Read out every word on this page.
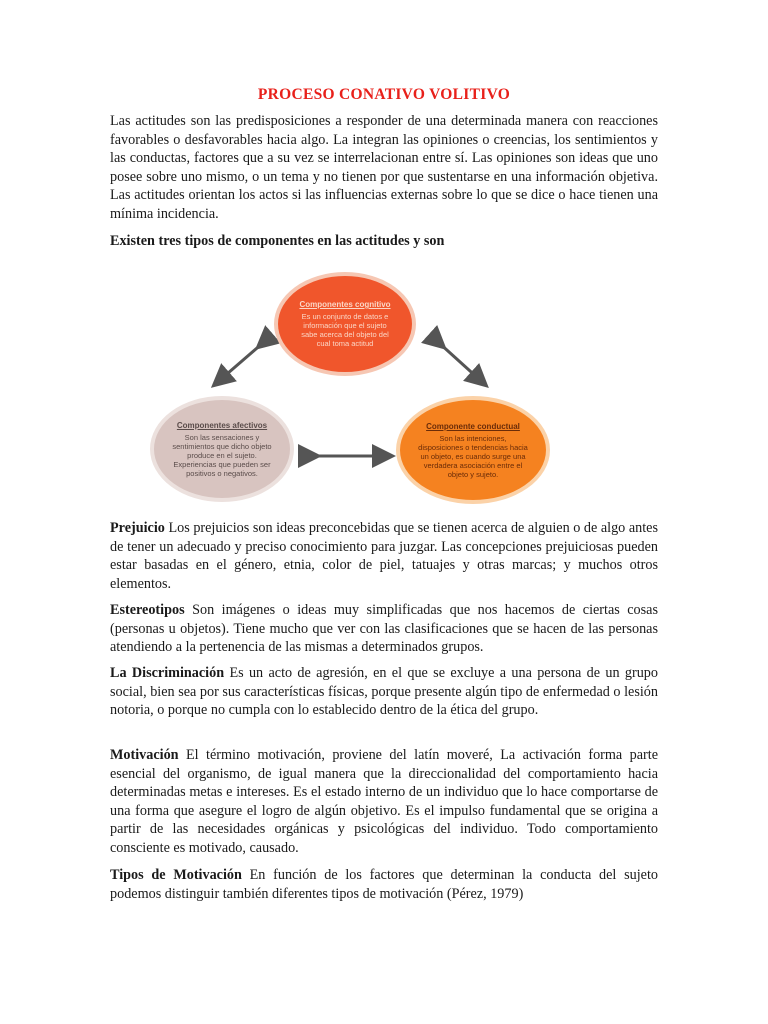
PROCESO CONATIVO VOLITIVO

Las actitudes son las predisposiciones a responder de una determinada manera con reacciones favorables o desfavorables hacia algo. La integran las opiniones o creencias, los sentimientos y las conductas, factores que a su vez se interrelacionan entre sí. Las opiniones son ideas que uno posee sobre uno mismo, o un tema y no tienen por que sustentarse en una información objetiva. Las actitudes orientan los actos si las influencias externas sobre lo que se dice o hace tienen una mínima incidencia.

Existen tres tipos de componentes en las actitudes y son

Componentes cognitivo
Es un conjunto de datos e información que el sujeto sabe acerca del objeto del cual toma actitud
Componentes afectivos
Son las sensaciones y sentimientos que dicho objeto produce en el sujeto. Experiencias que pueden ser positivos o negativos.
Componente conductual
Son las intenciones, disposiciones o tendencias hacia un objeto, es cuando surge una verdadera asociación entre el objeto y sujeto.

Prejuicio Los prejuicios son ideas preconcebidas que se tienen acerca de alguien o de algo antes de tener un adecuado y preciso conocimiento para juzgar. Las concepciones prejuiciosas pueden estar basadas en el género, etnia, color de piel, tatuajes y otras marcas; y muchos otros elementos.

Estereotipos Son imágenes o ideas muy simplificadas que nos hacemos de ciertas cosas (personas u objetos). Tiene mucho que ver con las clasificaciones que se hacen de las personas atendiendo a la pertenencia de las mismas a determinados grupos.

La Discriminación Es un acto de agresión, en el que se excluye a una persona de un grupo social, bien sea por sus características físicas, porque presente algún tipo de enfermedad o lesión notoria, o porque no cumpla con lo establecido dentro de la ética del grupo.

Motivación El término motivación, proviene del latín moveré, La activación forma parte esencial del organismo, de igual manera que la direccionalidad del comportamiento hacia determinadas metas e intereses. Es el estado interno de un individuo que lo hace comportarse de una forma que asegure el logro de algún objetivo. Es el impulso fundamental que se origina a partir de las necesidades orgánicas y psicológicas del individuo. Todo comportamiento consciente es motivado, causado.

Tipos de Motivación En función de los factores que determinan la conducta del sujeto podemos distinguir también diferentes tipos de motivación (Pérez, 1979)
